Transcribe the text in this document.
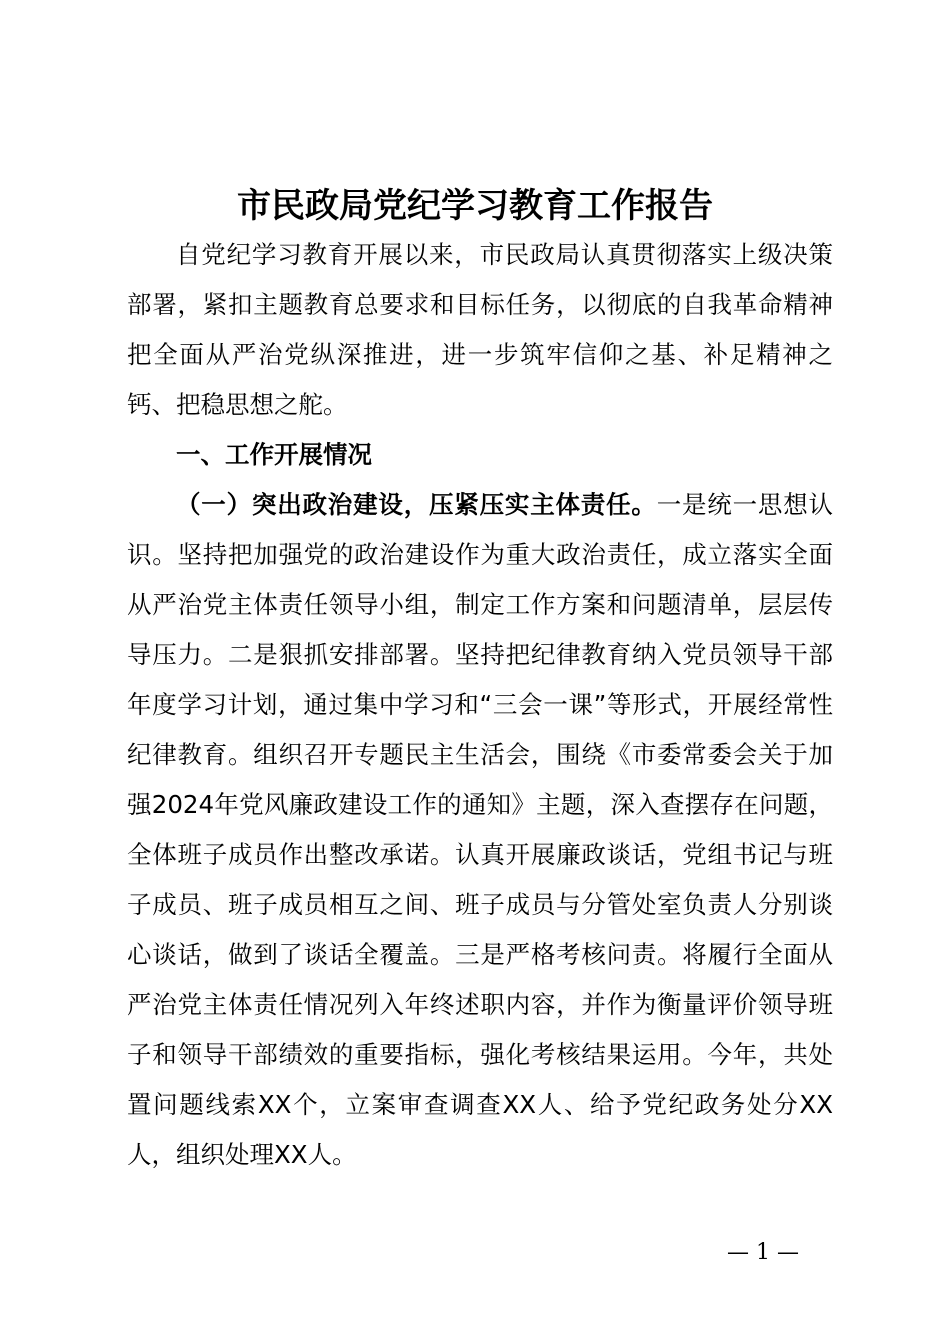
市民政局党纪学习教育工作报告

自党纪学习教育开展以来，市民政局认真贯彻落实上级决策部署，紧扣主题教育总要求和目标任务，以彻底的自我革命精神把全面从严治党纵深推进，进一步筑牢信仰之基、补足精神之钙、把稳思想之舵。

一、工作开展情况

（一）突出政治建设，压紧压实主体责任。一是统一思想认识。坚持把加强党的政治建设作为重大政治责任，成立落实全面从严治党主体责任领导小组，制定工作方案和问题清单，层层传导压力。二是狠抓安排部署。坚持把纪律教育纳入党员领导干部年度学习计划，通过集中学习和“三会一课”等形式，开展经常性纪律教育。组织召开专题民主生活会，围绕《市委常委会关于加强2024年党风廉政建设工作的通知》主题，深入查摆存在问题，全体班子成员作出整改承诺。认真开展廉政谈话，党组书记与班子成员、班子成员相互之间、班子成员与分管处室负责人分别谈心谈话，做到了谈话全覆盖。三是严格考核问责。将履行全面从严治党主体责任情况列入年终述职内容，并作为衡量评价领导班子和领导干部绩效的重要指标，强化考核结果运用。今年，共处置问题线索XX个，立案审查调查XX人、给予党纪政务处分XX人，组织处理XX人。

— 1 —
